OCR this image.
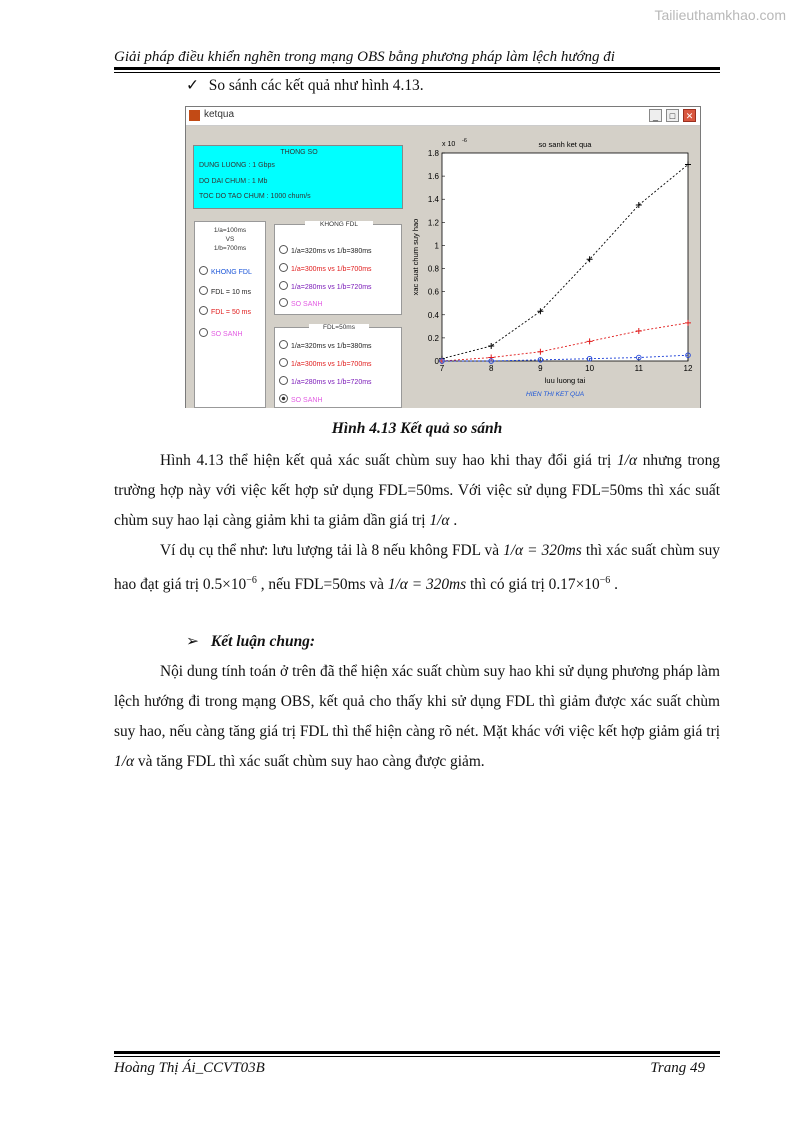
Tailieuthamkhao.com
Giải pháp điều khiển nghẽn trong mạng OBS bằng phương pháp làm lệch hướng đi
✓ So sánh các kết quả như hình 4.13.
ketqua	_	□	✕
THONG SO
DUNG LUONG : 1 Gbps
DO DAI CHUM : 1 Mb
TOC DO TAO CHUM : 1000 chum/s
1/a=100ms
VS
1/b=700ms
KHONG FDL
FDL = 10 ms
FDL = 50 ms
SO SANH
KHONG FDL
1/a=320ms vs 1/b=380ms
1/a=300ms vs 1/b=700ms
1/a=280ms vs 1/b=720ms
SO SANH
FDL=50ms
1/a=320ms vs 1/b=380ms
1/a=300ms vs 1/b=700ms
1/a=280ms vs 1/b=720ms
SO SANH
7	8	9	10	11	12
0
0.2
0.4
0.6
0.8
1
1.2
1.4
1.6
1.8
so sanh ket qua
x 10 -6
luu luong tai
xac suat chum suy hao
HIEN THI KET QUA
Hình 4.13 Kết quả so sánh
Hình 4.13 thể hiện kết quả xác suất chùm suy hao khi thay đổi giá trị 1/α nhưng trong trường hợp này với việc kết hợp sử dụng FDL=50ms. Với việc sử dụng FDL=50ms thì xác suất chùm suy hao lại càng giảm khi ta giảm dần giá trị 1/α .
Ví dụ cụ thể như: lưu lượng tải là 8 nếu không FDL và 1/α = 320ms thì xác suất chùm suy hao đạt giá trị $0.5\times 10^{-6}$ , nếu FDL=50ms và 1/α = 320ms thì có giá trị $0.17\times 10^{-6}$ .
➢ Kết luận chung:
Nội dung tính toán ở trên đã thể hiện xác suất chùm suy hao khi sử dụng phương pháp làm lệch hướng đi trong mạng OBS, kết quả cho thấy khi sử dụng FDL thì giảm được xác suất chùm suy hao, nếu càng tăng giá trị FDL thì thể hiện càng rõ nét. Mặt khác với việc kết hợp giảm giá trị 1/α và tăng FDL thì xác suất chùm suy hao càng được giảm.
Hoàng Thị Ái_CCVT03B	Trang 49
